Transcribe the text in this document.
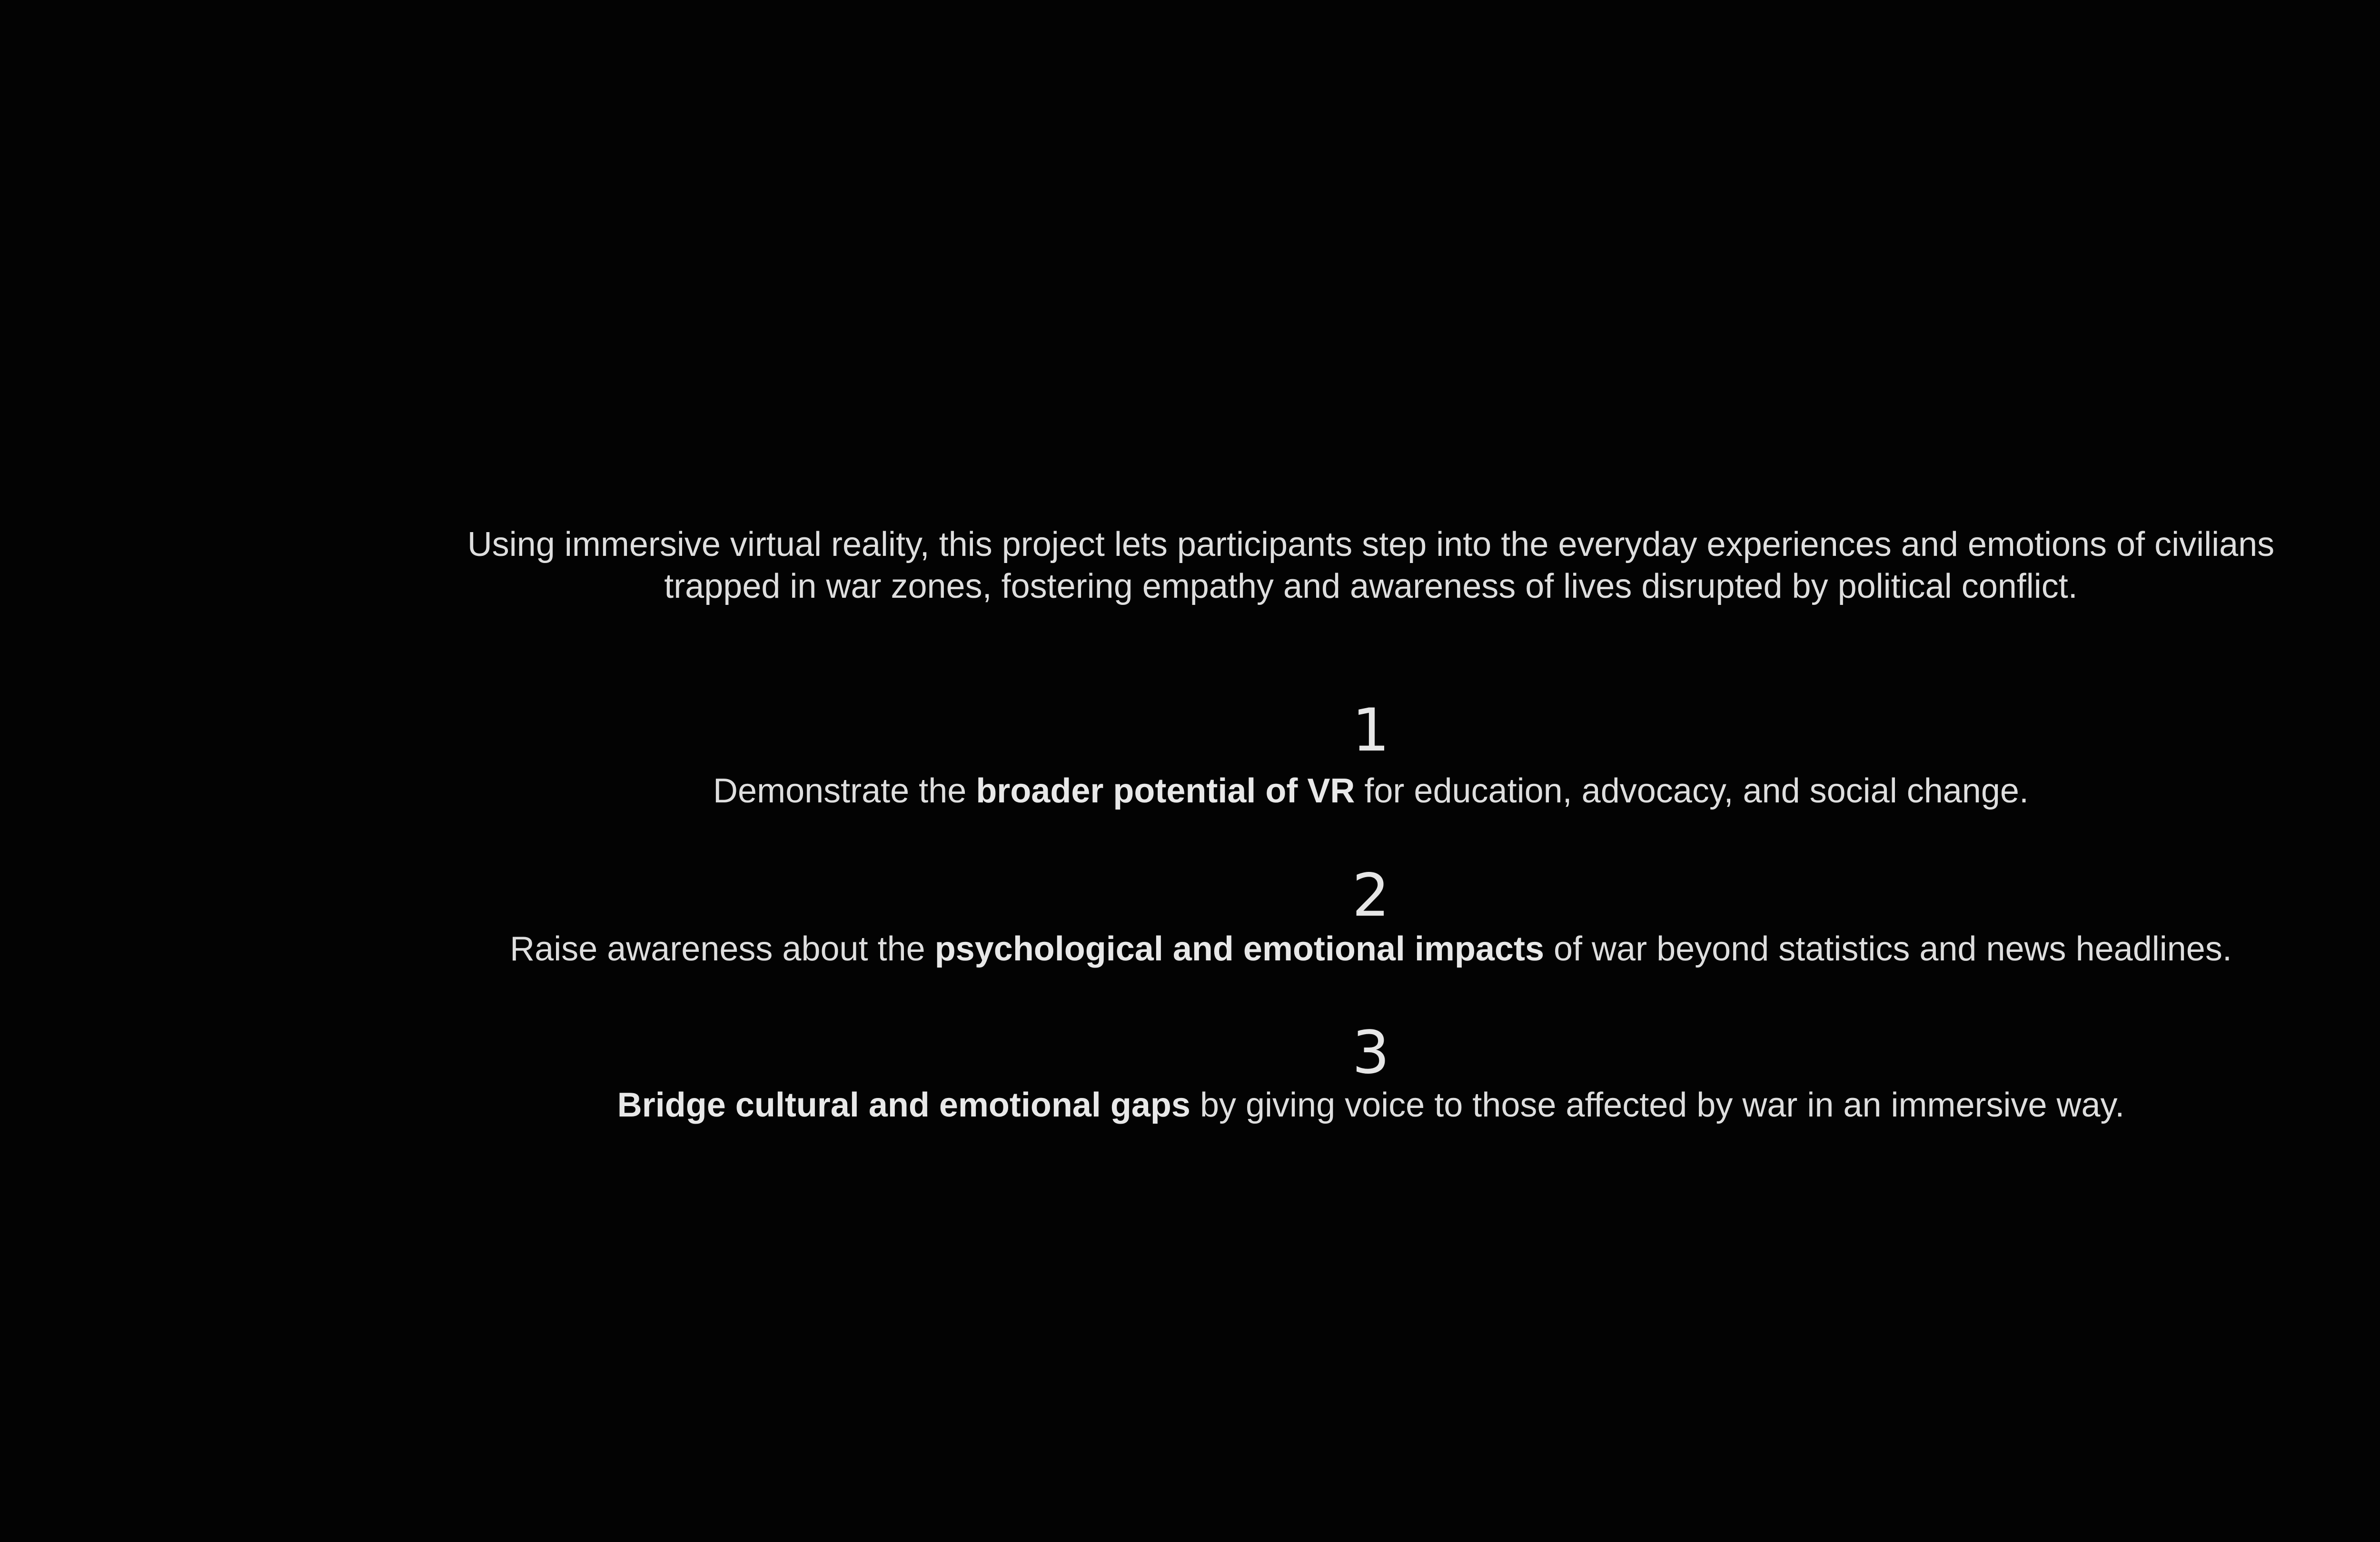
Using immersive virtual reality, this project lets participants step into the everyday experiences and emotions of civilians
trapped in war zones, fostering empathy and awareness of lives disrupted by political conflict.

1
Demonstrate the broader potential of VR for education, advocacy, and social change.
2
Raise awareness about the psychological and emotional impacts of war beyond statistics and news headlines.
3
Bridge cultural and emotional gaps by giving voice to those affected by war in an immersive way.
